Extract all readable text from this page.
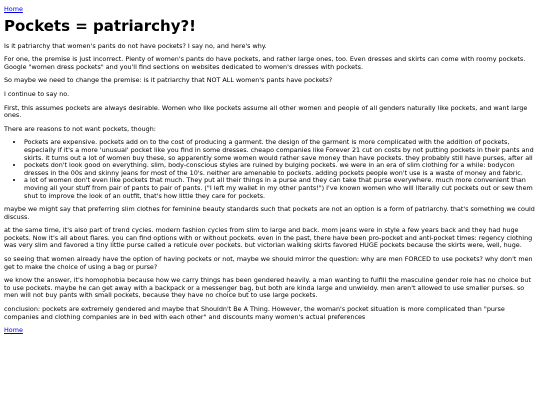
Home
Pockets = patriarchy?!

Is it patriarchy that women's pants do not have pockets? I say no, and here's why.

For one, the premise is just incorrect. Plenty of women's pants do have pockets, and rather large ones, too. Even dresses and skirts can come with roomy pockets. Google "women dress pockets" and you'll find sections on websites dedicated to women's dresses with pockets.

So maybe we need to change the premise: is it patriarchy that NOT ALL women's pants have pockets?

I continue to say no.

First, this assumes pockets are always desirable. Women who like pockets assume all other women and people of all genders naturally like pockets, and want large ones.

There are reasons to not want pockets, though:

• Pockets are expensive. pockets add on to the cost of producing a garment. the design of the garment is more complicated with the addition of pockets, especially if it's a more 'unusual' pocket like you find in some dresses. cheapo companies like Forever 21 cut on costs by not putting pockets in their pants and skirts. it turns out a lot of women buy these, so apparently some women would rather save money than have pockets. they probably still have purses, after all
• pockets don't look good on everything. slim, body-conscious styles are ruined by bulging pockets. we were in an era of slim clothing for a while: bodycon dresses in the 00s and skinny jeans for most of the 10's. neither are amenable to pockets. adding pockets people won't use is a waste of money and fabric.
• a lot of women don't even like pockets that much. They put all their things in a purse and they can take that purse everywhere. much more convenient than moving all your stuff from pair of pants to pair of pants. ("I left my wallet in my other pants!") I've known women who will literally cut pockets out or sew them shut to improve the look of an outfit, that's how little they care for pockets.

maybe we might say that preferring slim clothes for feminine beauty standards such that pockets are not an option is a form of patriarchy. that's something we could discuss.

at the same time, it's also part of trend cycles. modern fashion cycles from slim to large and back. mom jeans were in style a few years back and they had huge pockets. Now it's all about flares. you can find options with or without pockets. even in the past, there have been pro-pocket and anti-pocket times: regency clothing was very slim and favored a tiny little purse called a reticule over pockets. but victorian walking skirts favored HUGE pockets because the skirts were, well, huge.

so seeing that women already have the option of having pockets or not, maybe we should mirror the question: why are men FORCED to use pockets? why don't men get to make the choice of using a bag or purse?

we know the answer, it's homophobia because how we carry things has been gendered heavily. a man wanting to fulfill the masculine gender role has no choice but to use pockets. maybe he can get away with a backpack or a messenger bag, but both are kinda large and unwieldy. men aren't allowed to use smaller purses. so men will not buy pants with small pockets, because they have no choice but to use large pockets.

conclusion: pockets are extremely gendered and maybe that Shouldn't Be A Thing. However, the woman's pocket situation is more complicated than "purse companies and clothing companies are in bed with each other" and discounts many women's actual preferences

Home
